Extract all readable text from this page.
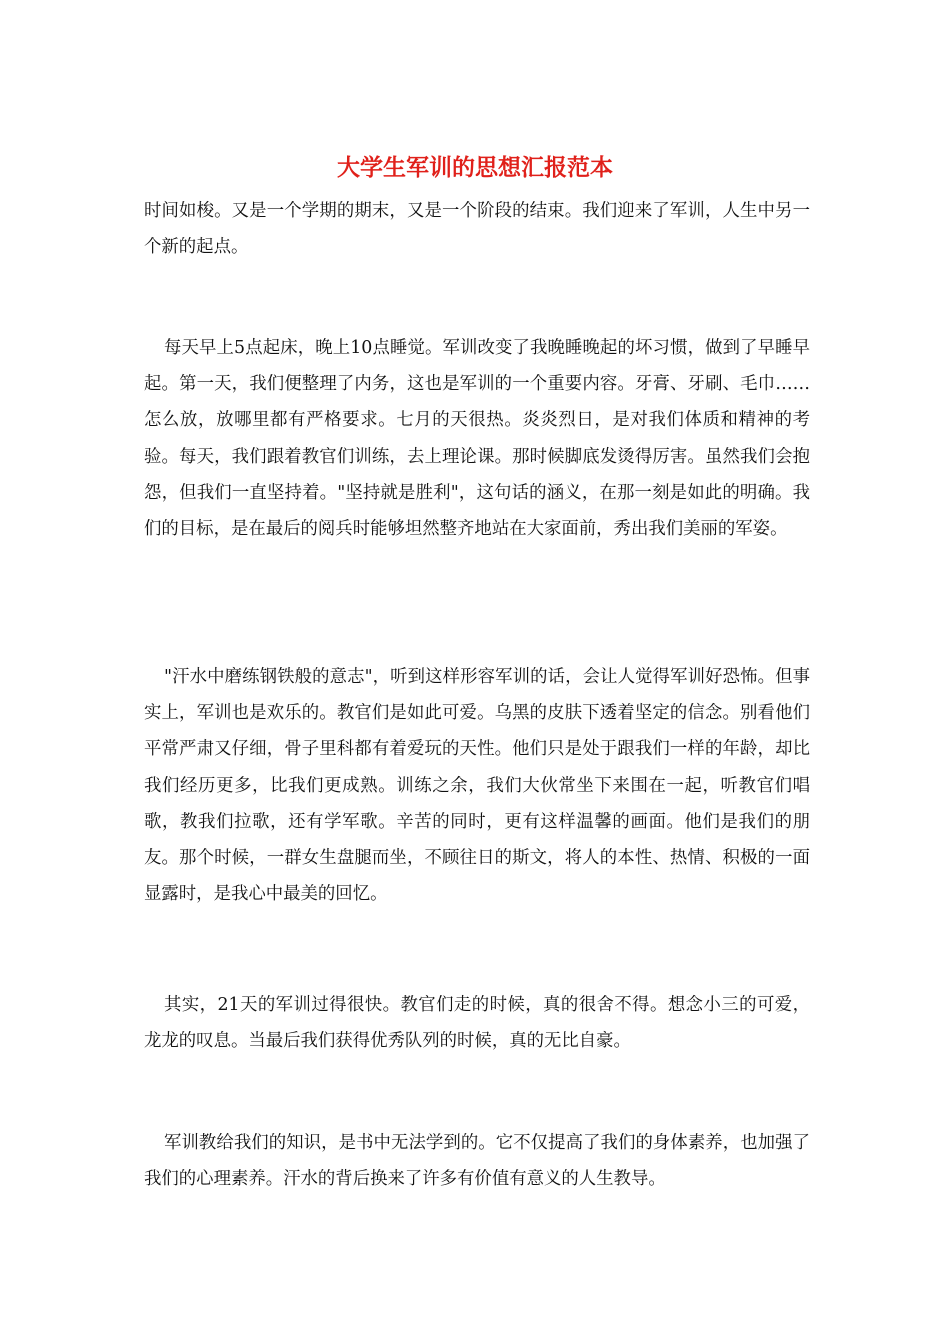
大学生军训的思想汇报范本

时间如梭。又是一个学期的期末，又是一个阶段的结束。我们迎来了军训，人生中另一个新的起点。

每天早上5点起床，晚上10点睡觉。军训改变了我晚睡晚起的坏习惯，做到了早睡早起。第一天，我们便整理了内务，这也是军训的一个重要内容。牙膏、牙刷、毛巾……怎么放，放哪里都有严格要求。七月的天很热。炎炎烈日，是对我们体质和精神的考验。每天，我们跟着教官们训练，去上理论课。那时候脚底发烫得厉害。虽然我们会抱怨，但我们一直坚持着。"坚持就是胜利"，这句话的涵义，在那一刻是如此的明确。我们的目标，是在最后的阅兵时能够坦然整齐地站在大家面前，秀出我们美丽的军姿。

"汗水中磨练钢铁般的意志"，听到这样形容军训的话，会让人觉得军训好恐怖。但事实上，军训也是欢乐的。教官们是如此可爱。乌黑的皮肤下透着坚定的信念。别看他们平常严肃又仔细，骨子里科都有着爱玩的天性。他们只是处于跟我们一样的年龄，却比我们经历更多，比我们更成熟。训练之余，我们大伙常坐下来围在一起，听教官们唱歌，教我们拉歌，还有学军歌。辛苦的同时，更有这样温馨的画面。他们是我们的朋友。那个时候，一群女生盘腿而坐，不顾往日的斯文，将人的本性、热情、积极的一面显露时，是我心中最美的回忆。

其实，21天的军训过得很快。教官们走的时候，真的很舍不得。想念小三的可爱，龙龙的叹息。当最后我们获得优秀队列的时候，真的无比自豪。

军训教给我们的知识，是书中无法学到的。它不仅提高了我们的身体素养，也加强了我们的心理素养。汗水的背后换来了许多有价值有意义的人生教导。
